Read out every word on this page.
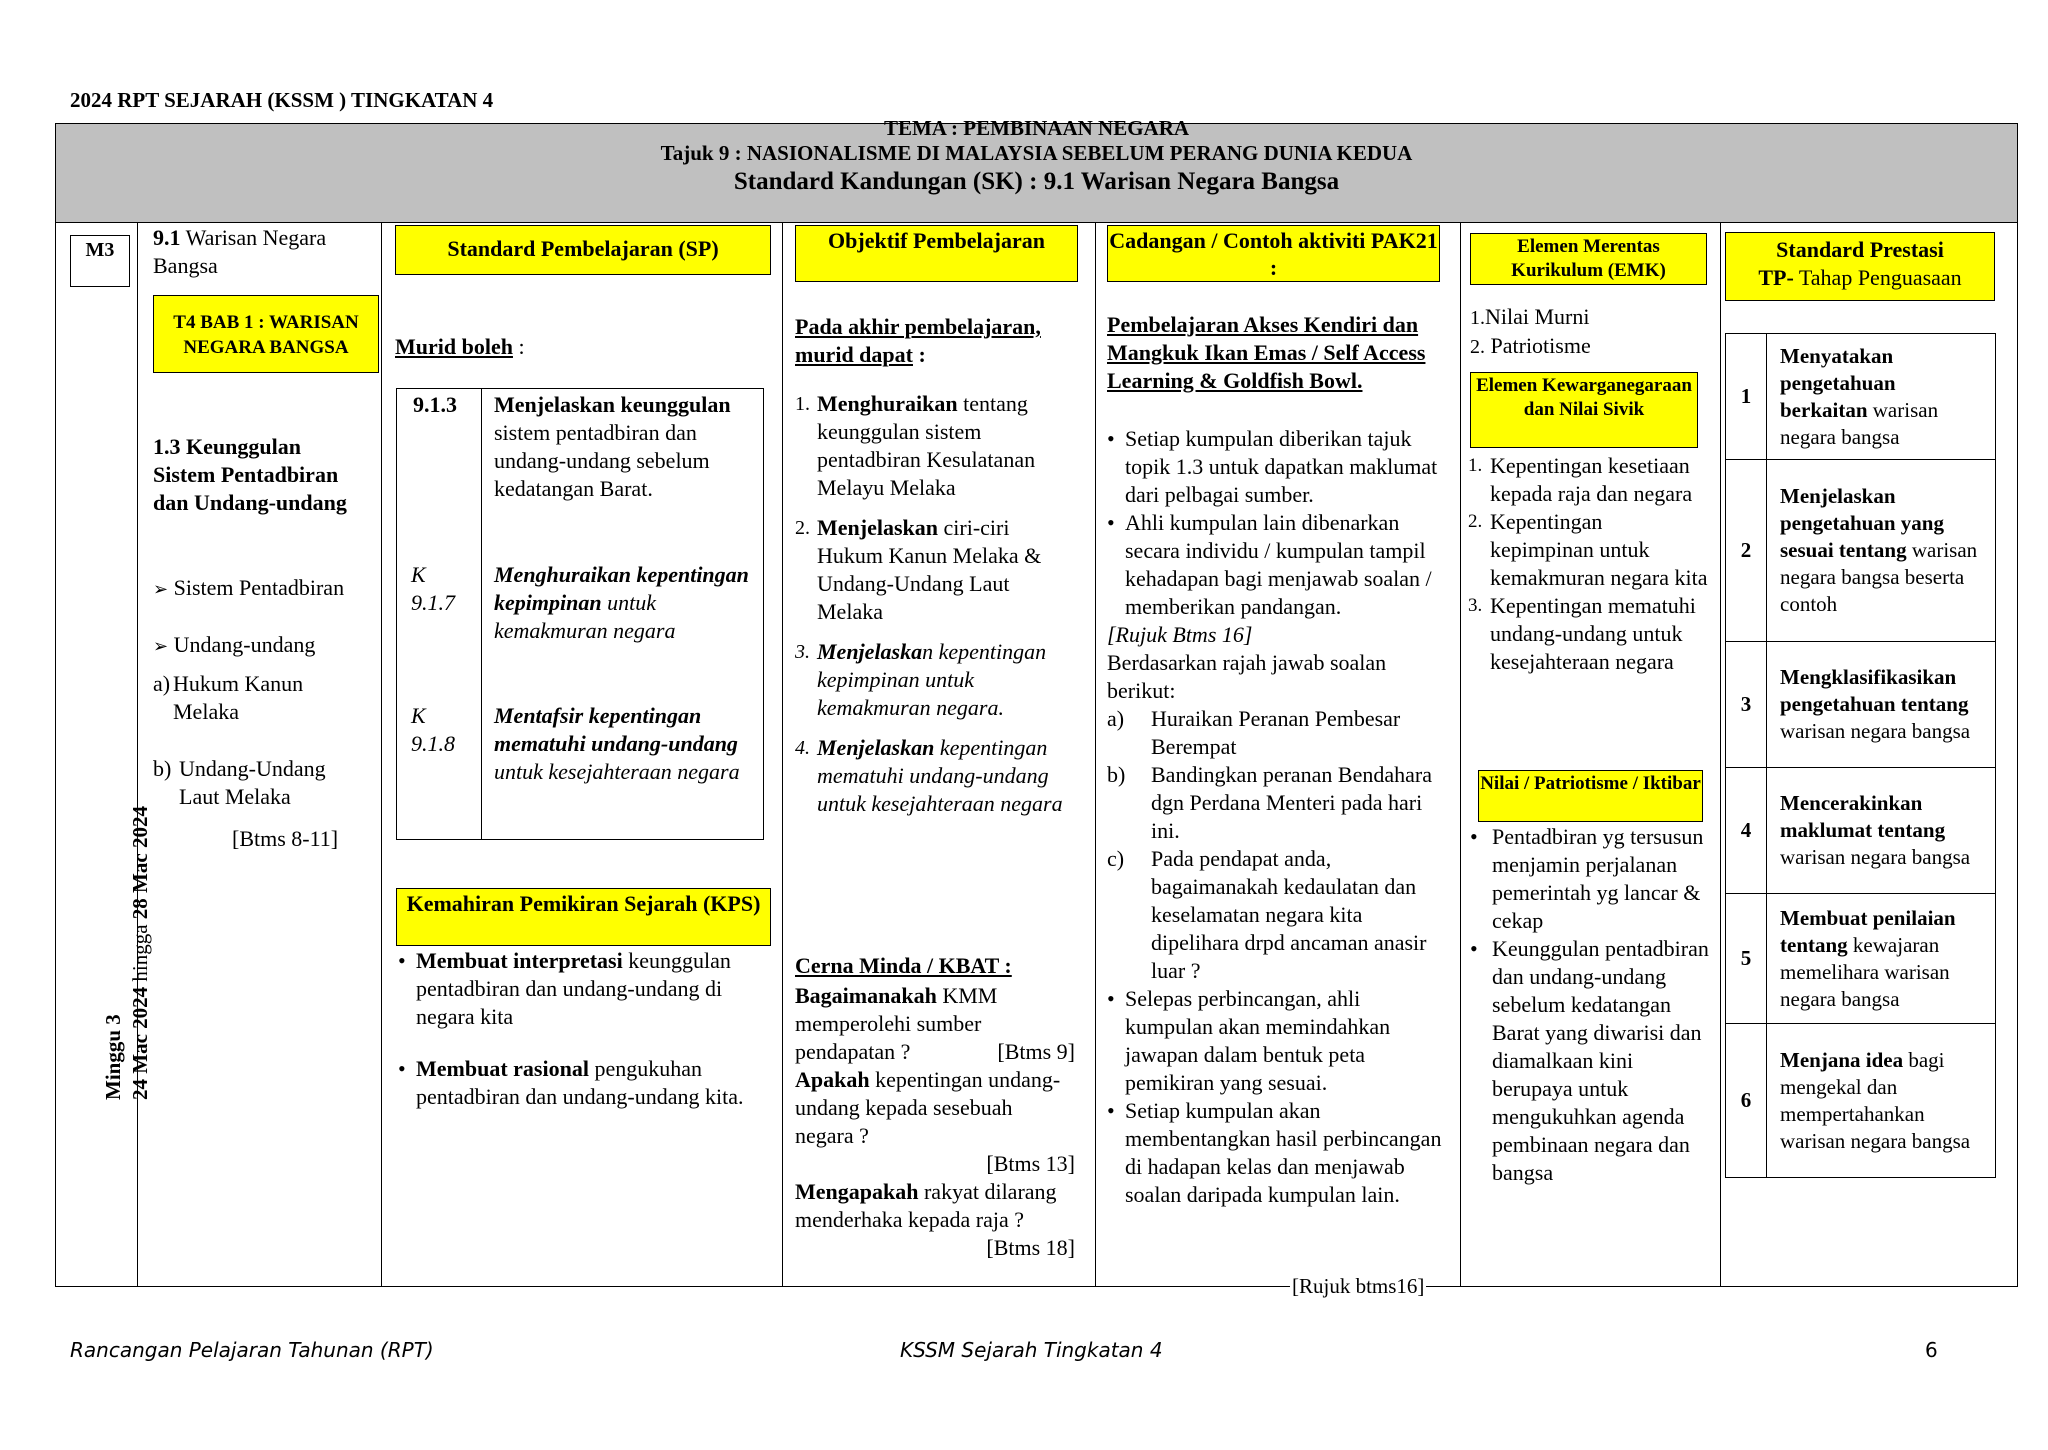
2024 RPT SEJARAH (KSSM ) TINGKATAN 4
TEMA : PEMBINAAN NEGARA
Tajuk 9 : NASIONALISME DI MALAYSIA SEBELUM PERANG DUNIA KEDUA
Standard Kandungan (SK) : 9.1 Warisan Negara Bangsa
M3
Minggu 3 24 Mac 2024 hingga 28 Mac 2024
9.1 Warisan Negara Bangsa
T4 BAB 1 : WARISAN NEGARA BANGSA
1.3 Keunggulan Sistem Pentadbiran dan Undang-undang
➢ Sistem Pentadbiran
➢ Undang-undang
a) Hukum Kanun Melaka
b) Undang-Undang Laut Melaka
[Btms 8-11]
Standard Pembelajaran (SP)
Murid boleh :
9.1.3 Menjelaskan keunggulan sistem pentadbiran dan undang-undang sebelum kedatangan Barat.
K 9.1.7
Menghuraikan kepentingan kepimpinan untuk kemakmuran negara
K 9.1.8
Mentafsir kepentingan mematuhi undang-undang untuk kesejahteraan negara
Kemahiran Pemikiran Sejarah (KPS)
• Membuat interpretasi keunggulan pentadbiran dan undang-undang di negara kita
• Membuat rasional pengukuhan pentadbiran dan undang-undang kita.
Objektif Pembelajaran
Pada akhir pembelajaran, murid dapat :
1. Menghuraikan tentang keunggulan sistem pentadbiran Kesulatanan Melayu Melaka
2. Menjelaskan ciri-ciri Hukum Kanun Melaka & Undang-Undang Laut Melaka
3. Menjelaskan kepentingan kepimpinan untuk kemakmuran negara.
4. Menjelaskan kepentingan mematuhi undang-undang untuk kesejahteraan negara
Cerna Minda / KBAT :
Bagaimanakah KMM memperolehi sumber pendapatan ?	[Btms 9]
Apakah kepentingan undang- undang kepada sesebuah negara ?
[Btms 13]
Mengapakah rakyat dilarang menderhaka kepada raja ?
[Btms 18]
Cadangan / Contoh aktiviti PAK21 :
Pembelajaran Akses Kendiri dan Mangkuk Ikan Emas / Self Access Learning & Goldfish Bowl.
• Setiap kumpulan diberikan tajuk topik 1.3 untuk dapatkan maklumat dari pelbagai sumber.
• Ahli kumpulan lain dibenarkan secara individu / kumpulan tampil kehadapan bagi menjawab soalan / memberikan pandangan.
[Rujuk Btms 16]
Berdasarkan rajah jawab soalan berikut:
a)	Huraikan Peranan Pembesar Berempat
b)	Bandingkan peranan Bendahara dgn Perdana Menteri pada hari ini.
c)	Pada pendapat anda, bagaimanakah kedaulatan dan keselamatan negara kita dipelihara drpd ancaman anasir luar ?
• Selepas perbincangan, ahli kumpulan akan memindahkan jawapan dalam bentuk peta pemikiran yang sesuai.
• Setiap kumpulan akan membentangkan hasil perbincangan di hadapan kelas dan menjawab soalan daripada kumpulan lain.
[Rujuk btms16]
Elemen Merentas Kurikulum (EMK)
1.Nilai Murni
2. Patriotisme
Elemen Kewarganegaraan dan Nilai Sivik
1. Kepentingan kesetiaan kepada raja dan negara
2. Kepentingan kepimpinan untuk kemakmuran negara kita
3. Kepentingan mematuhi undang-undang untuk kesejahteraan negara
Nilai / Patriotisme / Iktibar
• Pentadbiran yg tersusun menjamin perjalanan pemerintah yg lancar & cekap
• Keunggulan pentadbiran dan undang-undang sebelum kedatangan Barat yang diwarisi dan diamalkaan kini berupaya untuk mengukuhkan agenda pembinaan negara dan bangsa
Standard Prestasi
TP- Tahap Penguasaan
1	Menyatakan pengetahuan berkaitan warisan negara bangsa
2	Menjelaskan pengetahuan yang sesuai tentang warisan negara bangsa beserta contoh
3	Mengklasifikasikan pengetahuan tentang warisan negara bangsa
4	Mencerakinkan maklumat tentang warisan negara bangsa
5	Membuat penilaian tentang kewajaran memelihara warisan negara bangsa
6	Menjana idea bagi mengekal dan mempertahankan warisan negara bangsa
Rancangan Pelajaran Tahunan (RPT)	KSSM Sejarah Tingkatan 4	6
